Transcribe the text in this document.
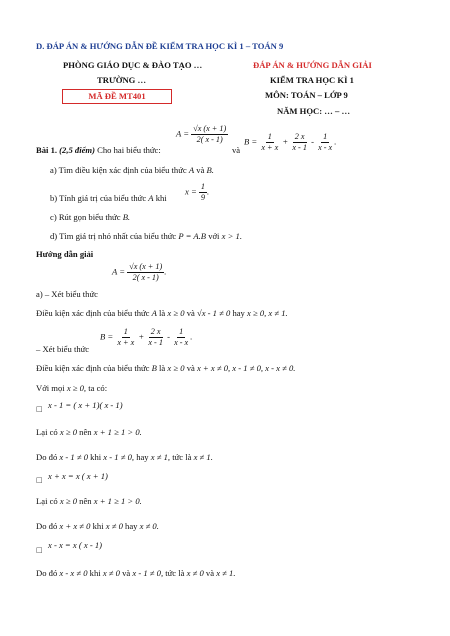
D. ĐÁP ÁN & HƯỚNG DẪN ĐỀ KIỂM TRA HỌC KÌ 1 – TOÁN 9
PHÒNG GIÁO DỤC & ĐÀO TẠO …
TRƯỜNG …
MÃ ĐỀ MT401
ĐÁP ÁN & HƯỚNG DẪN GIẢI
KIỂM TRA HỌC KÌ 1
MÔN: TOÁN – LỚP 9
NĂM HỌC: … – …
A = √ $\frac{x (x + 1)}{2( x - 1)}$
Bài 1. (2,5 điểm) Cho hai biểu thức:	và
$B = \frac{1}{x + x} + \frac{2 x}{x - 1} - \frac{1}{x - x}$ .
a) Tìm điều kiện xác định của biểu thức A và B.
b) Tính giá trị của biểu thức A khi
$x = \frac{1}{9}$ .
c) Rút gọn biểu thức B.
d) Tìm giá trị nhỏ nhất của biểu thức P = A.B với x > 1.
Hướng dẫn giải
A = √ $\frac{x (x + 1)}{2( x - 1)}$ .
a) – Xét biểu thức
Điều kiện xác định của biểu thức A là x ≥ 0 và √ x - 1 ≠ 0 hay x ≥ 0, x ≠ 1.
$B = \frac{1}{x + x} + \frac{2 x}{x - 1} - \frac{1}{x - x}$ .
– Xét biểu thức
Điều kiện xác định của biểu thức B là x ≥ 0 và x + x ≠ 0, x - 1 ≠ 0, x - x ≠ 0.
Với mọi x ≥ 0, ta có:
□ x - 1 = ( x + 1)( x - 1)
Lại có x ≥ 0 nên x + 1 ≥ 1 > 0.
Do đó x - 1 ≠ 0 khi x - 1 ≠ 0, hay x ≠ 1, tức là x ≠ 1.
□ x + x = x ( x + 1)
Lại có x ≥ 0 nên x + 1 ≥ 1 > 0.
Do đó x + x ≠ 0 khi x ≠ 0 hay x ≠ 0.
□ x - x = x ( x - 1)
Do đó x - x ≠ 0 khi x ≠ 0 và x - 1 ≠ 0, tức là x ≠ 0 và x ≠ 1.
